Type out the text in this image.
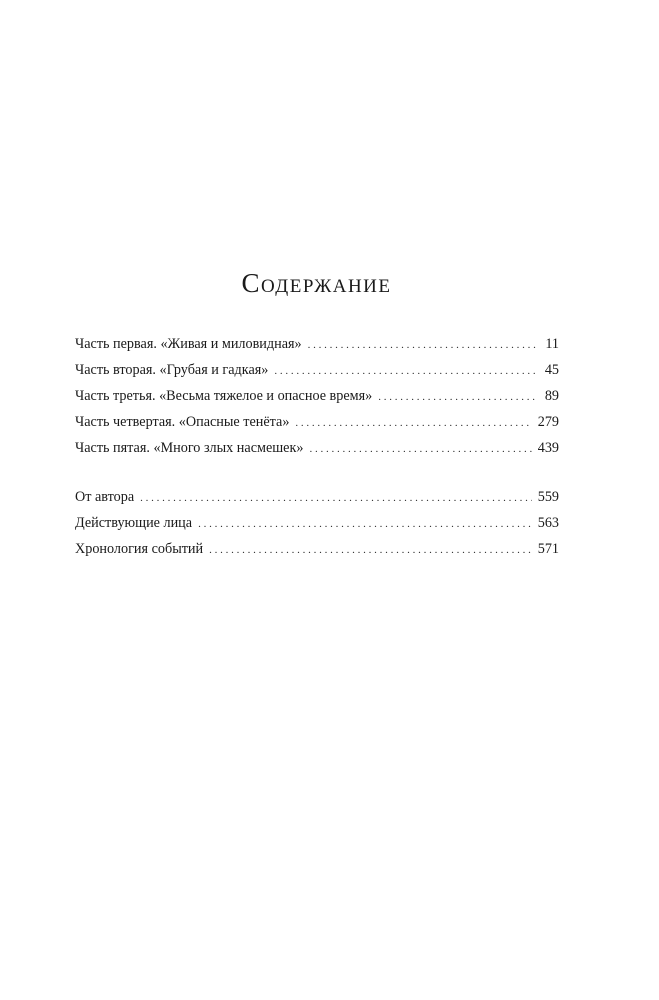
Содержание
Часть первая. «Живая и миловидная» . . .	11
Часть вторая. «Грубая и гадкая» . . .	45
Часть третья. «Весьма тяжелое и опасное время» . . .	89
Часть четвертая. «Опасные тенёта» . . .	279
Часть пятая. «Много злых насмешек» . . .	439
От автора . . .	559
Действующие лица . . .	563
Хронология событий . . .	571
